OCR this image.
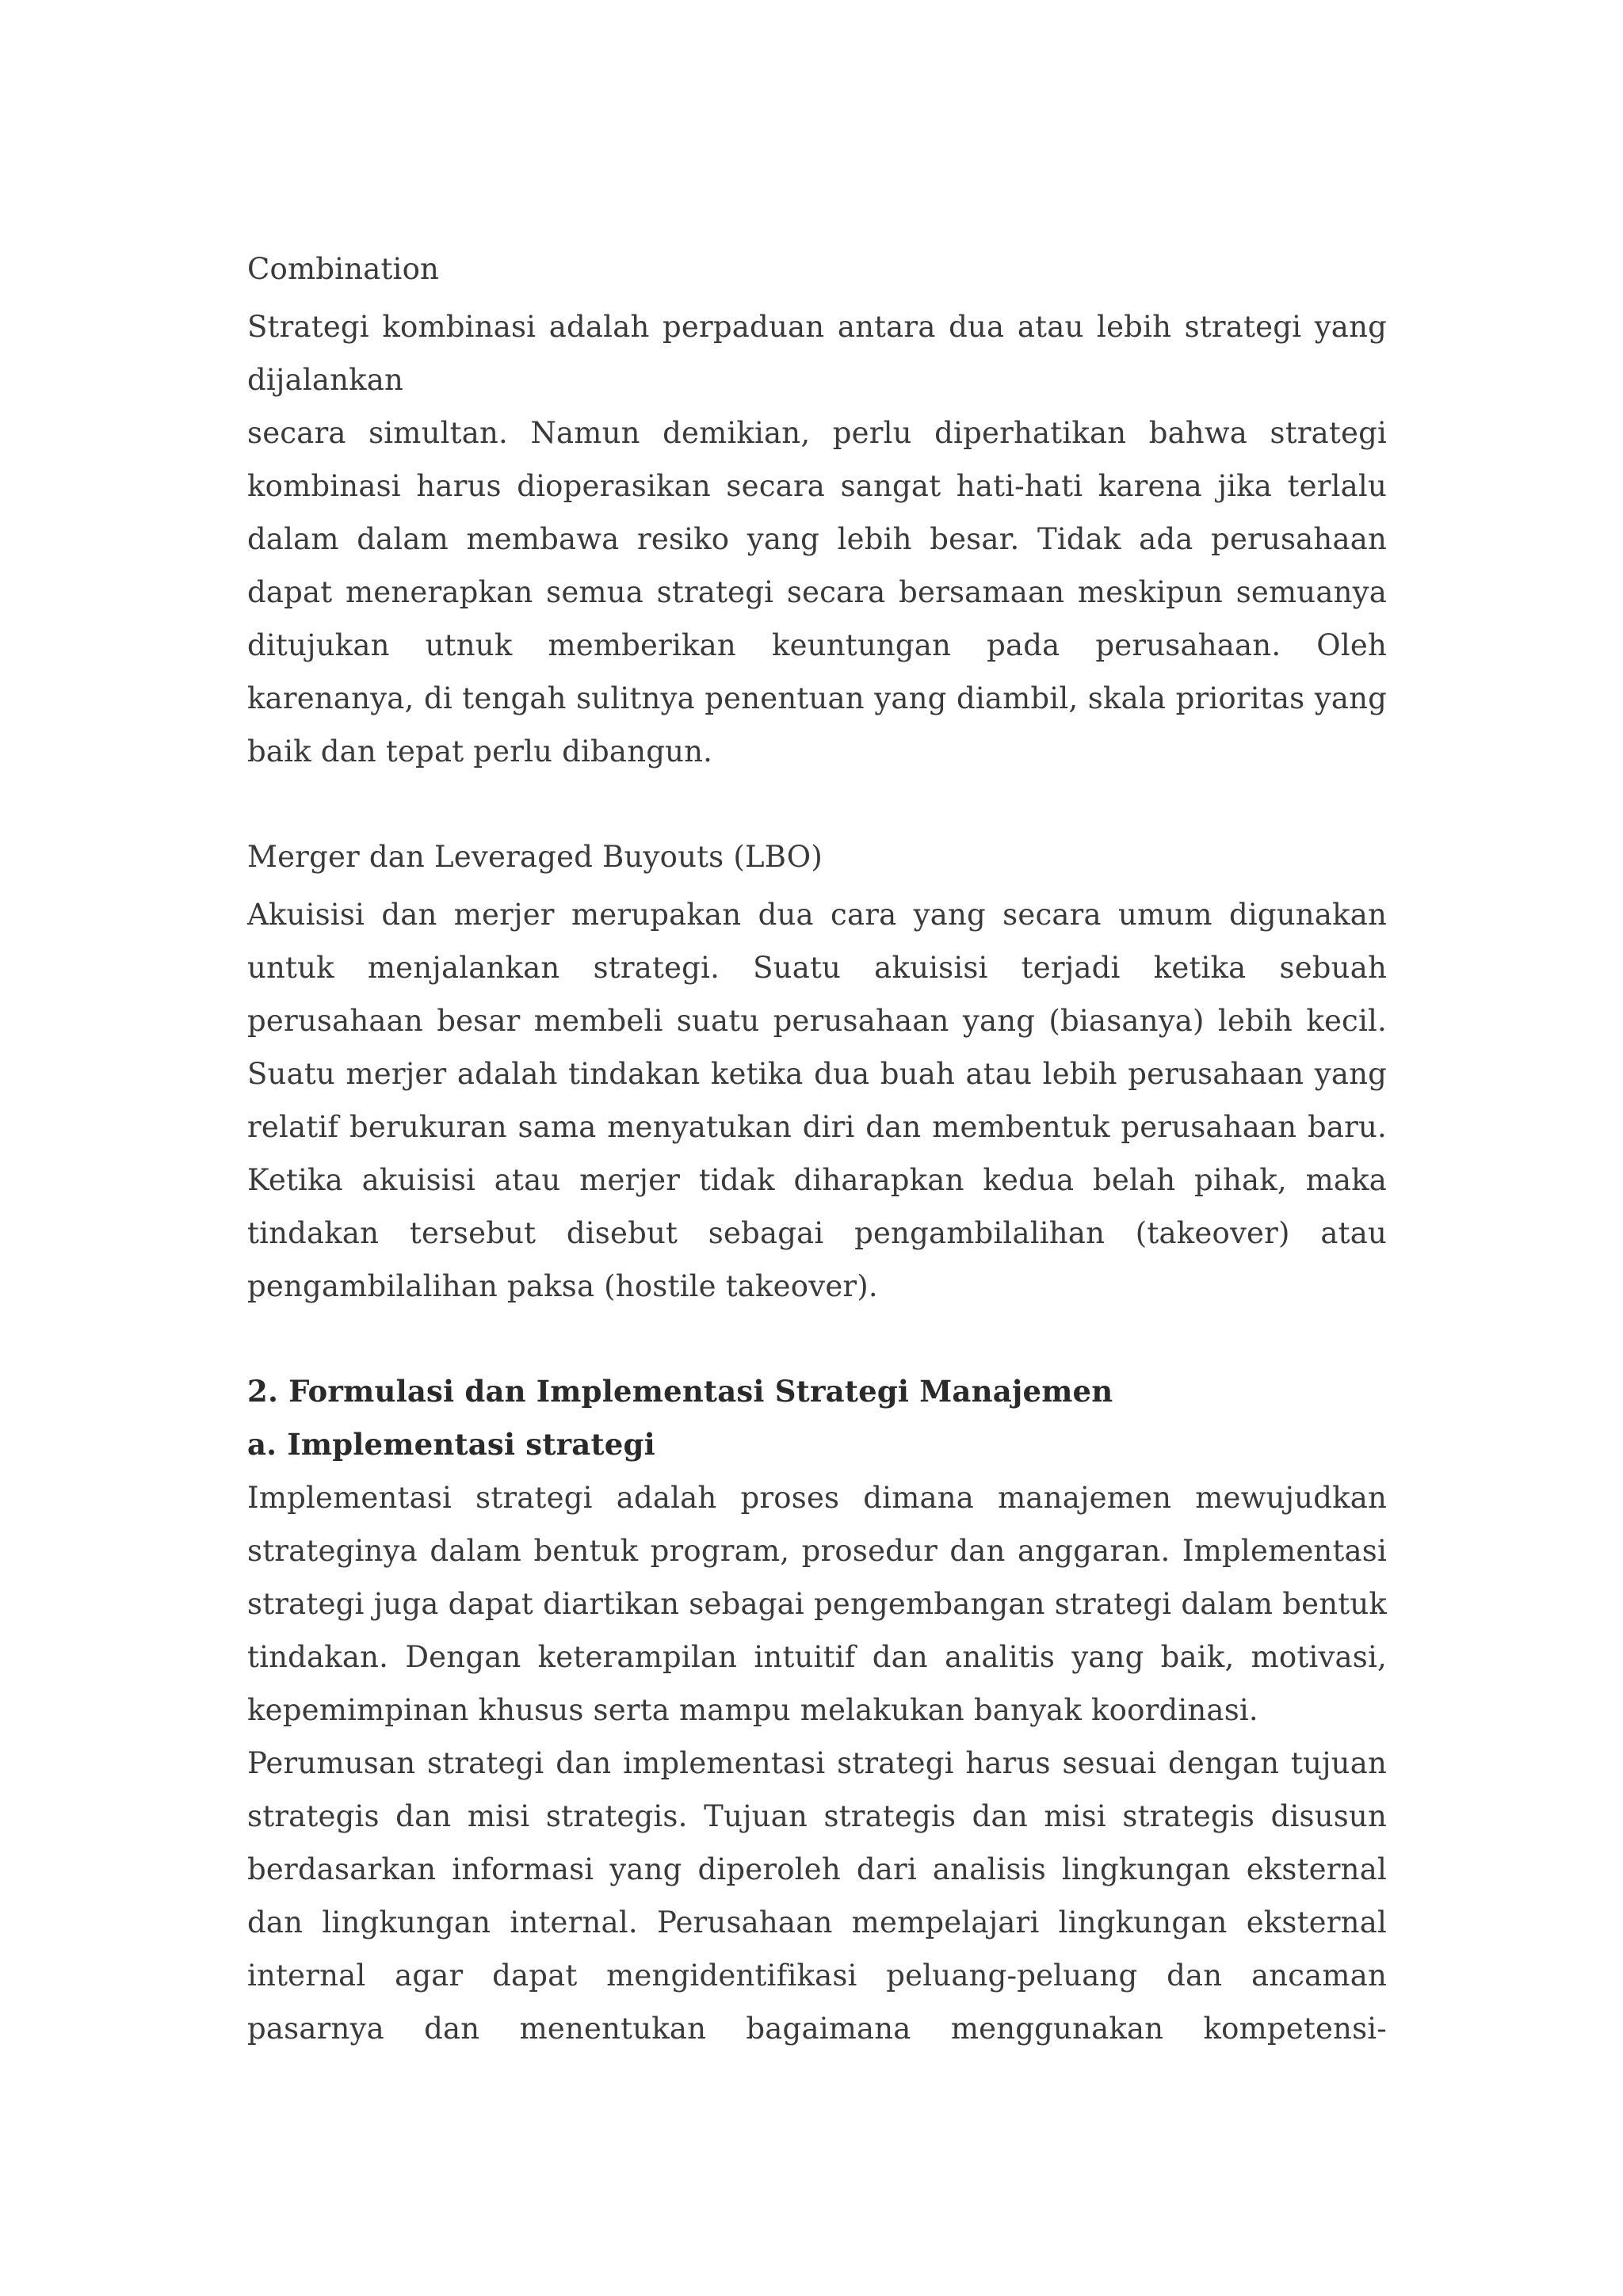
Combination
Strategi kombinasi adalah perpaduan antara dua atau lebih strategi yang
dijalankan
secara simultan. Namun demikian, perlu diperhatikan bahwa strategi
kombinasi harus dioperasikan secara sangat hati-hati karena jika terlalu
dalam dalam membawa resiko yang lebih besar. Tidak ada perusahaan
dapat menerapkan semua strategi secara bersamaan meskipun semuanya
ditujukan utnuk memberikan keuntungan pada perusahaan. Oleh
karenanya, di tengah sulitnya penentuan yang diambil, skala prioritas yang
baik dan tepat perlu dibangun.
Merger dan Leveraged Buyouts (LBO)
Akuisisi dan merjer merupakan dua cara yang secara umum digunakan
untuk menjalankan strategi. Suatu akuisisi terjadi ketika sebuah
perusahaan besar membeli suatu perusahaan yang (biasanya) lebih kecil.
Suatu merjer adalah tindakan ketika dua buah atau lebih perusahaan yang
relatif berukuran sama menyatukan diri dan membentuk perusahaan baru.
Ketika akuisisi atau merjer tidak diharapkan kedua belah pihak, maka
tindakan tersebut disebut sebagai pengambilalihan (takeover) atau
pengambilalihan paksa (hostile takeover).
2. Formulasi dan Implementasi Strategi Manajemen
a. Implementasi strategi
Implementasi strategi adalah proses dimana manajemen mewujudkan
strateginya dalam bentuk program, prosedur dan anggaran. Implementasi
strategi juga dapat diartikan sebagai pengembangan strategi dalam bentuk
tindakan. Dengan keterampilan intuitif dan analitis yang baik, motivasi,
kepemimpinan khusus serta mampu melakukan banyak koordinasi.
Perumusan strategi dan implementasi strategi harus sesuai dengan tujuan
strategis dan misi strategis. Tujuan strategis dan misi strategis disusun
berdasarkan informasi yang diperoleh dari analisis lingkungan eksternal
dan lingkungan internal. Perusahaan mempelajari lingkungan eksternal
internal agar dapat mengidentifikasi peluang-peluang dan ancaman
pasarnya dan menentukan bagaimana menggunakan kompetensi-
